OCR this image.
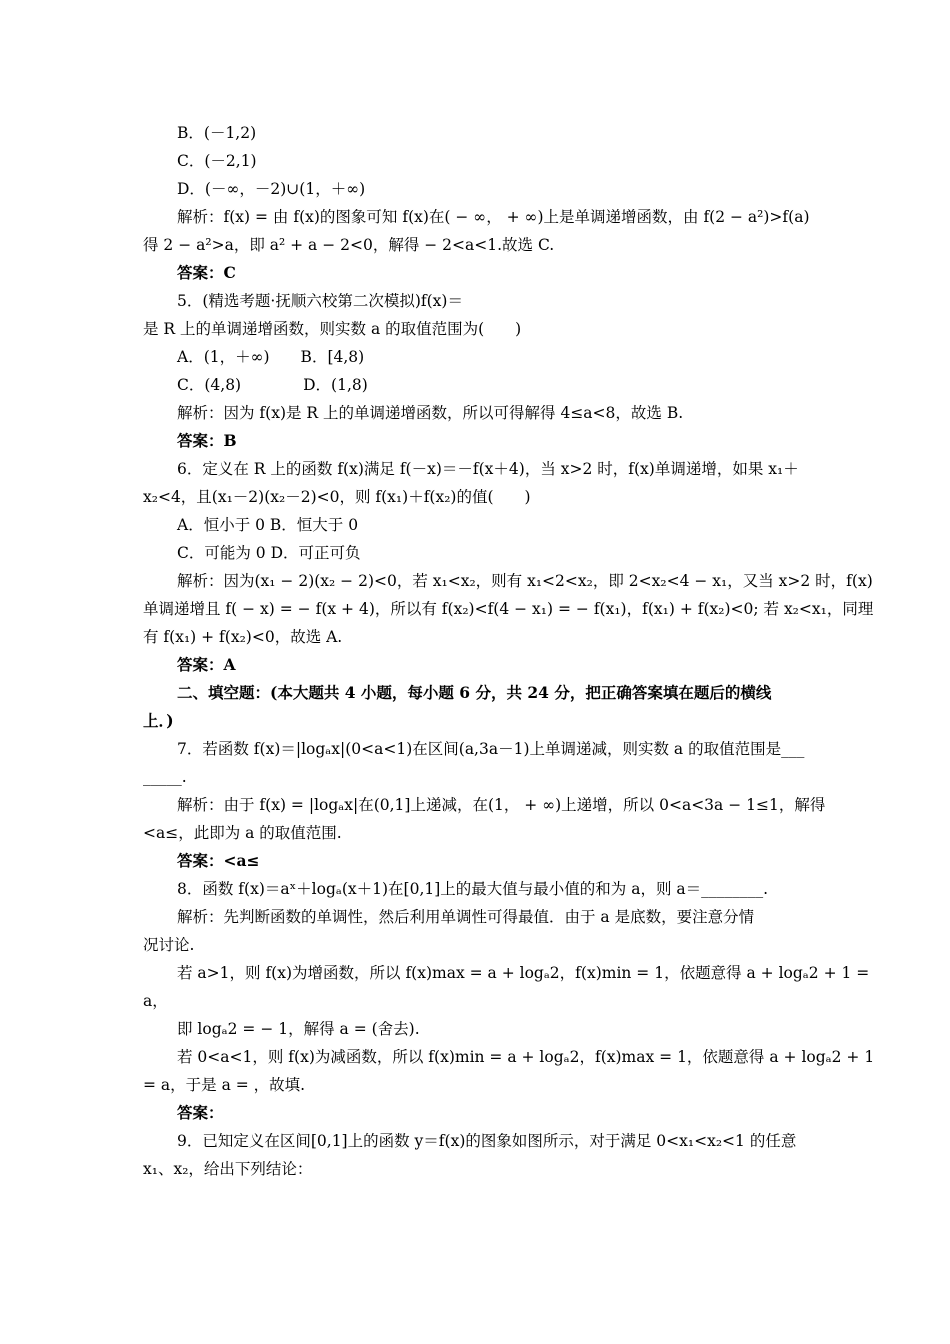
B．(－1,2)
C．(－2,1)
D．(－∞，－2)∪(1，＋∞)
解析：f(x) = 由 f(x)的图象可知 f(x)在( − ∞， + ∞)上是单调递增函数，由 f(2 − a²)>f(a)
得 2 − a²>a，即 a² + a − 2<0，解得 − 2<a<1.故选 C.
答案：C
5．(精选考题·抚顺六校第二次模拟)f(x)＝
是 R 上的单调递增函数，则实数 a 的取值范围为(　　)
A．(1，＋∞)　　B．[4,8)
C．(4,8)　　　　D．(1,8)
解析：因为 f(x)是 R 上的单调递增函数，所以可得解得 4≤a<8，故选 B.
答案：B
6．定义在 R 上的函数 f(x)满足 f(－x)＝－f(x＋4)，当 x>2 时，f(x)单调递增，如果 x₁＋
x₂<4，且(x₁－2)(x₂－2)<0，则 f(x₁)＋f(x₂)的值(　　)
A．恒小于 0 B．恒大于 0
C．可能为 0 D．可正可负
解析：因为(x₁ − 2)(x₂ − 2)<0，若 x₁<x₂，则有 x₁<2<x₂，即 2<x₂<4 − x₁，又当 x>2 时，f(x)
单调递增且 f( − x) = − f(x + 4)，所以有 f(x₂)<f(4 − x₁) = − f(x₁)，f(x₁) + f(x₂)<0; 若 x₂<x₁，同理
有 f(x₁) + f(x₂)<0，故选 A.
答案：A
二、填空题：(本大题共 4 小题，每小题 6 分，共 24 分，把正确答案填在题后的横线
上．)
7．若函数 f(x)＝|logₐx|(0<a<1)在区间(a,3a－1)上单调递减，则实数 a 的取值范围是___
_____.
解析：由于 f(x) = |logₐx|在(0,1]上递减，在(1， + ∞)上递增，所以 0<a<3a − 1≤1，解得
<a≤，此即为 a 的取值范围.
答案：<a≤
8．函数 f(x)＝aˣ＋logₐ(x＋1)在[0,1]上的最大值与最小值的和为 a，则 a＝________.
解析：先判断函数的单调性，然后利用单调性可得最值．由于 a 是底数，要注意分情
况讨论.
若 a>1，则 f(x)为增函数，所以 f(x)max = a + logₐ2，f(x)min = 1，依题意得 a + logₐ2 + 1 =
a，
即 logₐ2 = − 1，解得 a = (舍去).
若 0<a<1，则 f(x)为减函数，所以 f(x)min = a + logₐ2，f(x)max = 1，依题意得 a + logₐ2 + 1
= a，于是 a = ，故填.
答案：
9．已知定义在区间[0,1]上的函数 y＝f(x)的图象如图所示，对于满足 0<x₁<x₂<1 的任意
x₁、x₂，给出下列结论：
